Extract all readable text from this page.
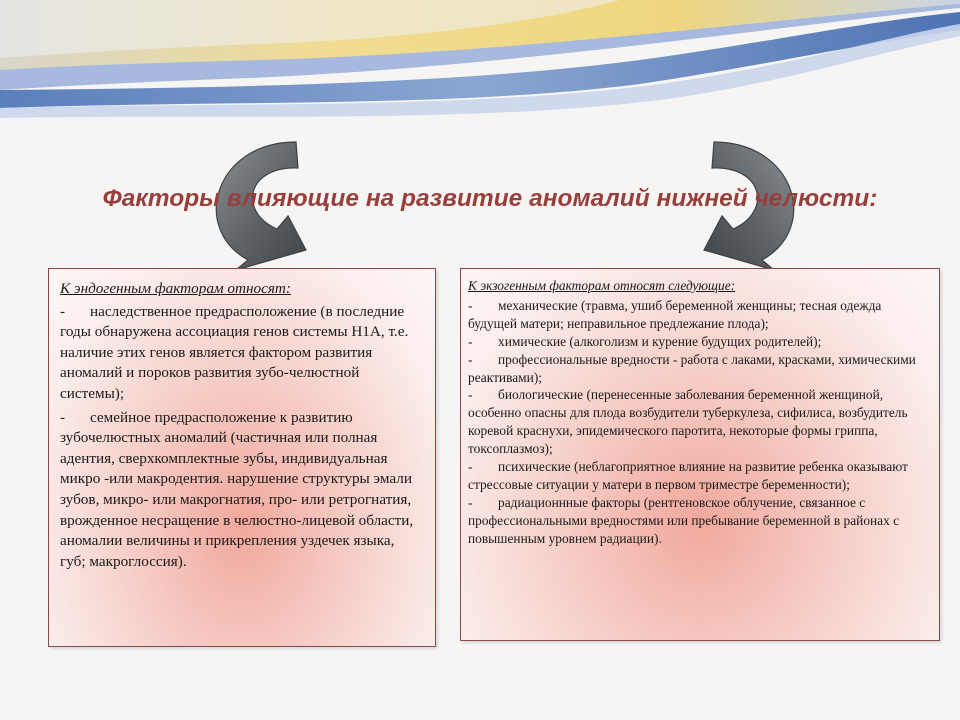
Факторы влияющие на развитие аномалий нижней челюсти:

К эндогенным факторам относят:

- наследственное предрасположение (в последние годы обнаружена ассоциация генов системы Н1А, т.е. наличие этих генов является фактором развития аномалий и пороков развития зубо-челюстной системы);

- семейное предрасположение к развитию зубочелюстных аномалий (частичная или полная адентия, сверхкомплектные зубы, индивидуальная микро -или макродентия. нарушение структуры эмали зубов, микро- или макрогнатия, про- или ретрогнатия, врожденное несращение в челюстно-лицевой области, аномалии величины и прикрепления уздечек языка, губ; макроглоссия).

К экзогенным факторам относят следующие:

- механические (травма, ушиб беременной женщины; тесная одежда будущей матери; неправильное предлежание плода);

- химические (алкоголизм и курение будущих родителей);

- профессиональные вредности - работа с лаками, красками, химическими реактивами);

- биологические (перенесенные заболевания беременной женщиной, особенно опасны для плода возбудители туберкулеза, сифилиса, возбудитель коревой краснухи, эпидемического паротита, некоторые формы гриппа, токсоплазмоз);

- психические (неблагоприятное влияние на развитие ребенка оказывают стрессовые ситуации у матери в первом триместре беременности);

- радиационнные факторы (рентгеновское облучение, связанное с профессиональными вредностями или пребывание беременной в районах с повышенным уровнем радиации).
